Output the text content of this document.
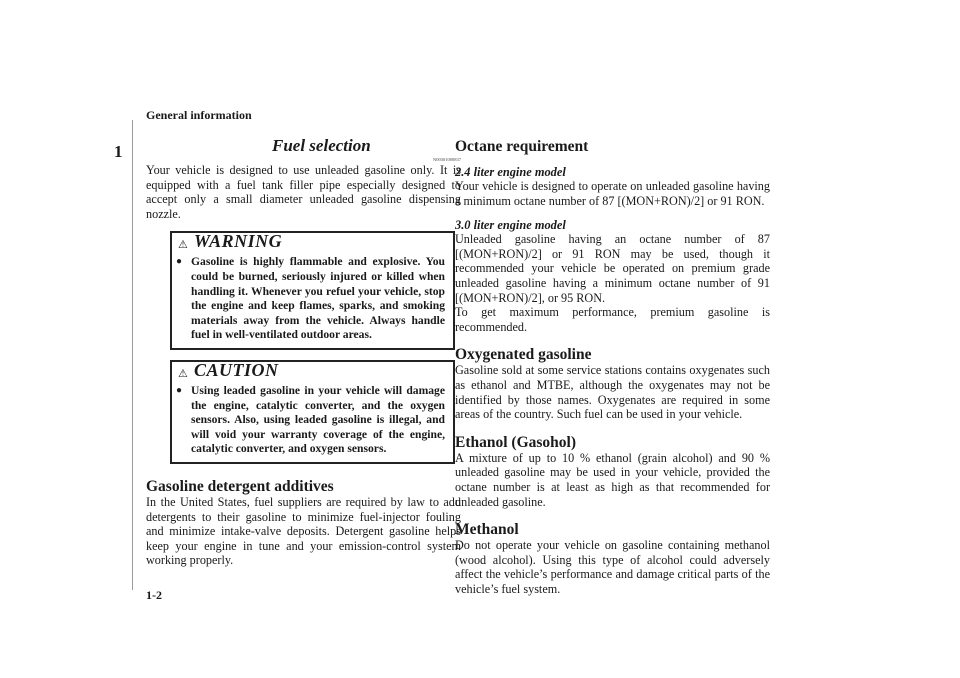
General information
1
1-2
Fuel selection
N00301000837

Your vehicle is designed to use unleaded gasoline only. It is equipped with a fuel tank filler pipe especially designed to accept only a small diameter unleaded gasoline dispensing nozzle.

⚠ WARNING
● Gasoline is highly flammable and explosive. You could be burned, seriously injured or killed when handling it. Whenever you refuel your vehicle, stop the engine and keep flames, sparks, and smoking materials away from the vehicle. Always handle fuel in well-ventilated outdoor areas.
⚠ CAUTION
● Using leaded gasoline in your vehicle will damage the engine, catalytic converter, and the oxygen sensors. Also, using leaded gasoline is illegal, and will void your warranty coverage of the engine, catalytic converter, and oxygen sensors.
Gasoline detergent additives

In the United States, fuel suppliers are required by law to add detergents to their gasoline to minimize fuel-injector fouling and minimize intake-valve deposits. Detergent gasoline helps keep your engine in tune and your emission-control system working properly.

Octane requirement
2.4 liter engine model

Your vehicle is designed to operate on unleaded gasoline having a minimum octane number of 87 [(MON+RON)/2] or 91 RON.

3.0 liter engine model

Unleaded gasoline having an octane number of 87 [(MON+RON)/2] or 91 RON may be used, though it recommended your vehicle be operated on premium grade unleaded gasoline having a minimum octane number of 91 [(MON+RON)/2], or 95 RON.

To get maximum performance, premium gasoline is recommended.

Oxygenated gasoline

Gasoline sold at some service stations contains oxygenates such as ethanol and MTBE, although the oxygenates may not be identified by those names. Oxygenates are required in some areas of the country. Such fuel can be used in your vehicle.

Ethanol (Gasohol)

A mixture of up to 10 % ethanol (grain alcohol) and 90 % unleaded gasoline may be used in your vehicle, provided the octane number is at least as high as that recommended for unleaded gasoline.

Methanol

Do not operate your vehicle on gasoline containing methanol (wood alcohol). Using this type of alcohol could adversely affect the vehicle’s performance and damage critical parts of the vehicle’s fuel system.
